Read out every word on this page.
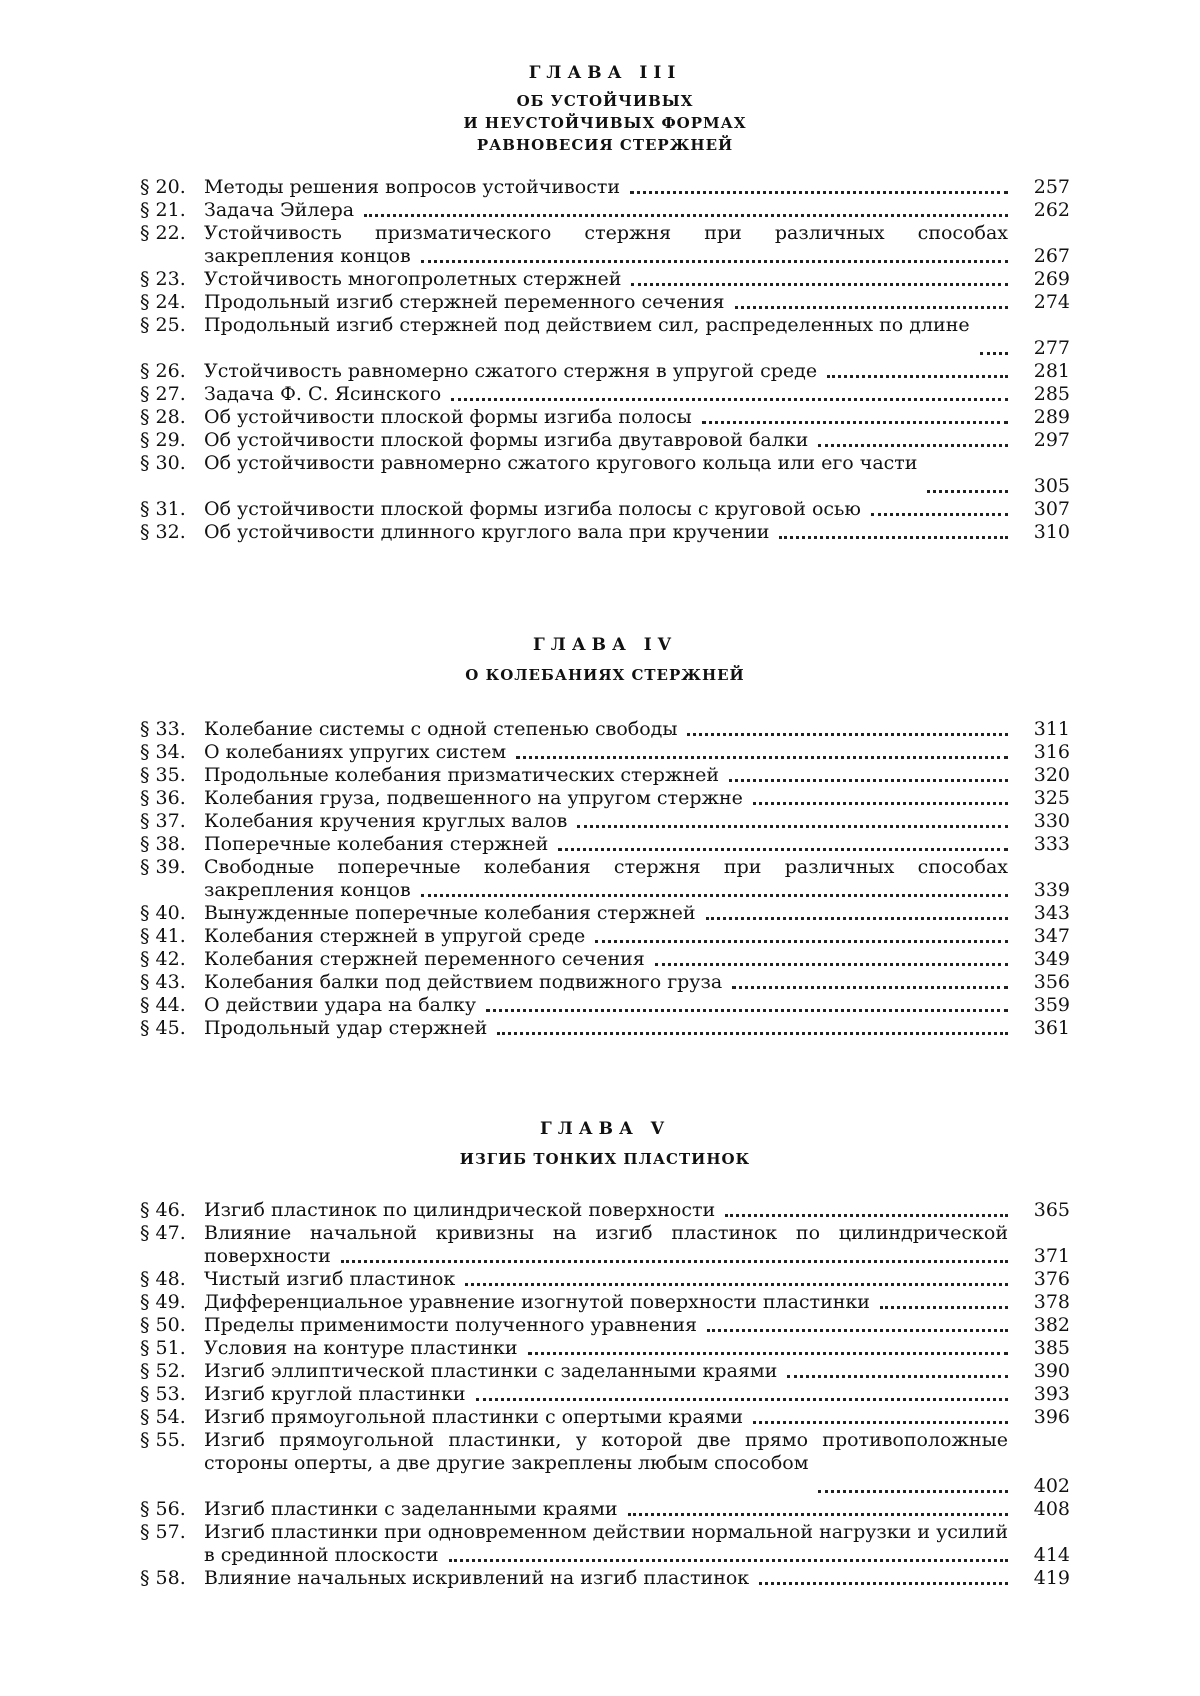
ГЛАВА III

ОБ УСТОЙЧИВЫХ
И НЕУСТОЙЧИВЫХ ФОРМАХ
РАВНОВЕСИЯ СТЕРЖНЕЙ

§ 20. Методы решения вопросов устойчивости	257
§ 21. Задача Эйлера	262
§ 22. Устойчивость призматического стержня при различных способах закрепления концов	267
§ 23. Устойчивость многопролетных стержней	269
§ 24. Продольный изгиб стержней переменного сечения	274
§ 25. Продольный изгиб стержней под действием сил, распределенных по длине
277
§ 26. Устойчивость равномерно сжатого стержня в упругой среде	281
§ 27. Задача Ф. С. Ясинского	285
§ 28. Об устойчивости плоской формы изгиба полосы	289
§ 29. Об устойчивости плоской формы изгиба двутавровой балки	297
§ 30. Об устойчивости равномерно сжатого кругового кольца или его части
305
§ 31. Об устойчивости плоской формы изгиба полосы с круговой осью	307
§ 32. Об устойчивости длинного круглого вала при кручении	310

ГЛАВА IV

О КОЛЕБАНИЯХ СТЕРЖНЕЙ

§ 33. Колебание системы с одной степенью свободы	311
§ 34. О колебаниях упругих систем	316
§ 35. Продольные колебания призматических стержней	320
§ 36. Колебания груза, подвешенного на упругом стержне	325
§ 37. Колебания кручения круглых валов	330
§ 38. Поперечные колебания стержней	333
§ 39. Свободные поперечные колебания стержня при различных способах закрепления концов	339
§ 40. Вынужденные поперечные колебания стержней	343
§ 41. Колебания стержней в упругой среде	347
§ 42. Колебания стержней переменного сечения	349
§ 43. Колебания балки под действием подвижного груза	356
§ 44. О действии удара на балку	359
§ 45. Продольный удар стержней	361

ГЛАВА V

ИЗГИБ ТОНКИХ ПЛАСТИНОК

§ 46. Изгиб пластинок по цилиндрической поверхности	365
§ 47. Влияние начальной кривизны на изгиб пластинок по цилиндрической поверхности	371
§ 48. Чистый изгиб пластинок	376
§ 49. Дифференциальное уравнение изогнутой поверхности пластинки	378
§ 50. Пределы применимости полученного уравнения	382
§ 51. Условия на контуре пластинки	385
§ 52. Изгиб эллиптической пластинки с заделанными краями	390
§ 53. Изгиб круглой пластинки	393
§ 54. Изгиб прямоугольной пластинки с опертыми краями	396
§ 55. Изгиб прямоугольной пластинки, у которой две прямо противоположные стороны оперты, а две другие закреплены любым способом
402
§ 56. Изгиб пластинки с заделанными краями	408
§ 57. Изгиб пластинки при одновременном действии нормальной нагрузки и усилий в срединной плоскости	414
§ 58. Влияние начальных искривлений на изгиб пластинок	419
